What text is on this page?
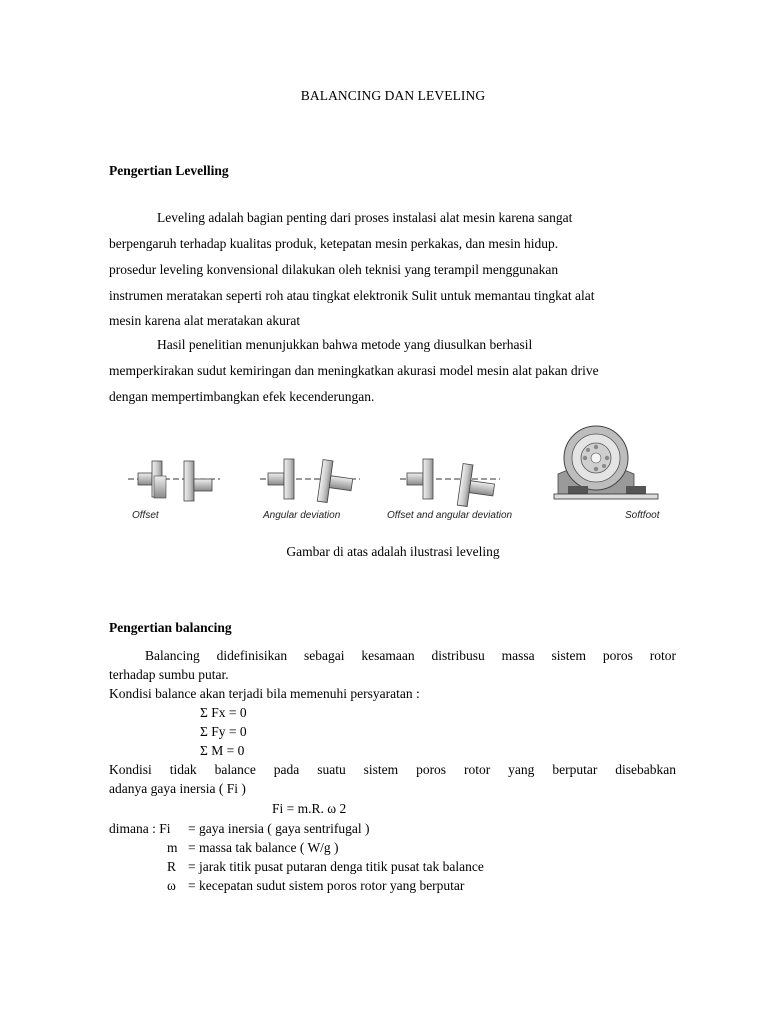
BALANCING DAN LEVELING
Pengertian Levelling
Leveling adalah bagian penting dari proses instalasi alat mesin karena sangat
berpengaruh terhadap kualitas produk, ketepatan mesin perkakas, dan mesin hidup.
prosedur leveling konvensional dilakukan oleh teknisi yang terampil menggunakan
instrumen meratakan seperti roh atau tingkat elektronik Sulit untuk memantau tingkat alat
mesin karena alat meratakan akurat
Hasil penelitian menunjukkan bahwa metode yang diusulkan berhasil
memperkirakan sudut kemiringan dan meningkatkan akurasi model mesin alat pakan drive
dengan mempertimbangkan efek kecenderungan.
Offset	Angular deviation	Offset and angular deviation	Softfoot
Gambar di atas adalah ilustrasi leveling
Pengertian balancing
Balancing didefinisikan sebagai kesamaan distribusu massa sistem poros rotor
terhadap sumbu putar.
Kondisi balance akan terjadi bila memenuhi persyaratan :
Σ Fx = 0
Σ Fy = 0
Σ M = 0
Kondisi tidak balance pada suatu sistem poros rotor yang berputar disebabkan
adanya gaya inersia ( Fi )
Fi = m.R. ω 2
dimana : Fi = gaya inersia ( gaya sentrifugal )
m = massa tak balance ( W/g )
R = jarak titik pusat putaran denga titik pusat tak balance
ω = kecepatan sudut sistem poros rotor yang berputar
